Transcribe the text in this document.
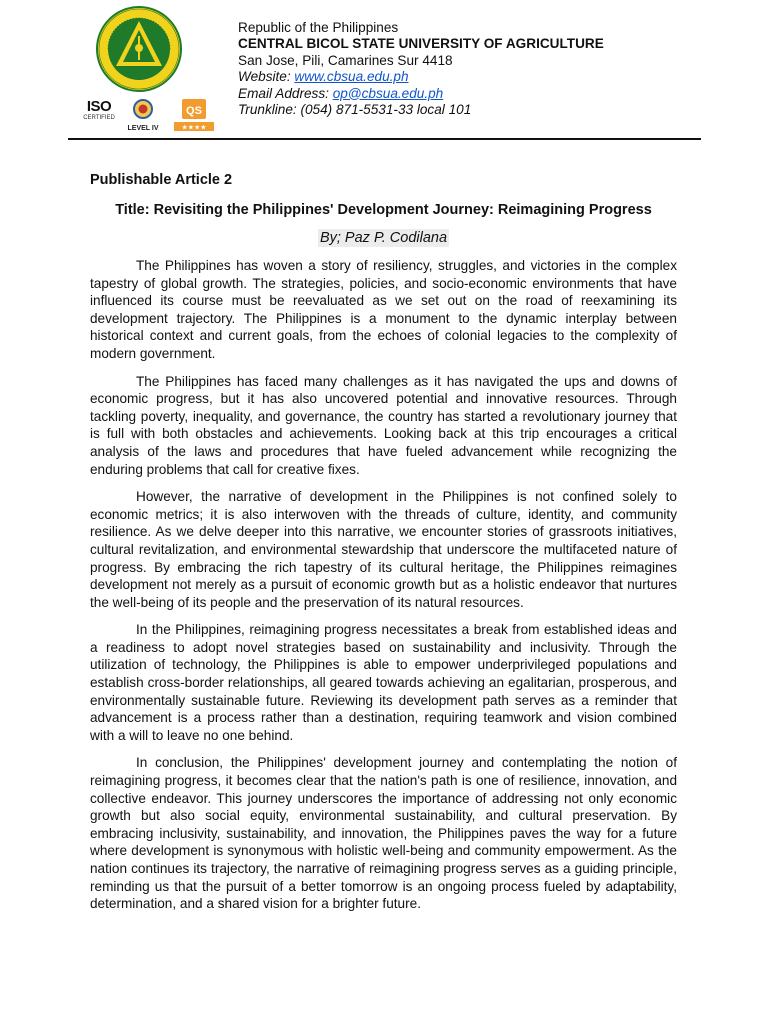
ISO
CERTIFIED
LEVEL IV
QS
★★★★
Republic of the Philippines
CENTRAL BICOL STATE UNIVERSITY OF AGRICULTURE
San Jose, Pili, Camarines Sur 4418
Website: www.cbsua.edu.ph
Email Address: op@cbsua.edu.ph
Trunkline: (054) 871-5531-33 local 101

Publishable Article 2

Title: Revisiting the Philippines' Development Journey: Reimagining Progress

By; Paz P. Codilana

The Philippines has woven a story of resiliency, struggles, and victories in the complex tapestry of global growth. The strategies, policies, and socio-economic environments that have influenced its course must be reevaluated as we set out on the road of reexamining its development trajectory. The Philippines is a monument to the dynamic interplay between historical context and current goals, from the echoes of colonial legacies to the complexity of modern government.

The Philippines has faced many challenges as it has navigated the ups and downs of economic progress, but it has also uncovered potential and innovative resources. Through tackling poverty, inequality, and governance, the country has started a revolutionary journey that is full with both obstacles and achievements. Looking back at this trip encourages a critical analysis of the laws and procedures that have fueled advancement while recognizing the enduring problems that call for creative fixes.

However, the narrative of development in the Philippines is not confined solely to economic metrics; it is also interwoven with the threads of culture, identity, and community resilience. As we delve deeper into this narrative, we encounter stories of grassroots initiatives, cultural revitalization, and environmental stewardship that underscore the multifaceted nature of progress. By embracing the rich tapestry of its cultural heritage, the Philippines reimagines development not merely as a pursuit of economic growth but as a holistic endeavor that nurtures the well-being of its people and the preservation of its natural resources.

In the Philippines, reimagining progress necessitates a break from established ideas and a readiness to adopt novel strategies based on sustainability and inclusivity. Through the utilization of technology, the Philippines is able to empower underprivileged populations and establish cross-border relationships, all geared towards achieving an egalitarian, prosperous, and environmentally sustainable future. Reviewing its development path serves as a reminder that advancement is a process rather than a destination, requiring teamwork and vision combined with a will to leave no one behind.

In conclusion, the Philippines' development journey and contemplating the notion of reimagining progress, it becomes clear that the nation's path is one of resilience, innovation, and collective endeavor. This journey underscores the importance of addressing not only economic growth but also social equity, environmental sustainability, and cultural preservation. By embracing inclusivity, sustainability, and innovation, the Philippines paves the way for a future where development is synonymous with holistic well-being and community empowerment. As the nation continues its trajectory, the narrative of reimagining progress serves as a guiding principle, reminding us that the pursuit of a better tomorrow is an ongoing process fueled by adaptability, determination, and a shared vision for a brighter future.
